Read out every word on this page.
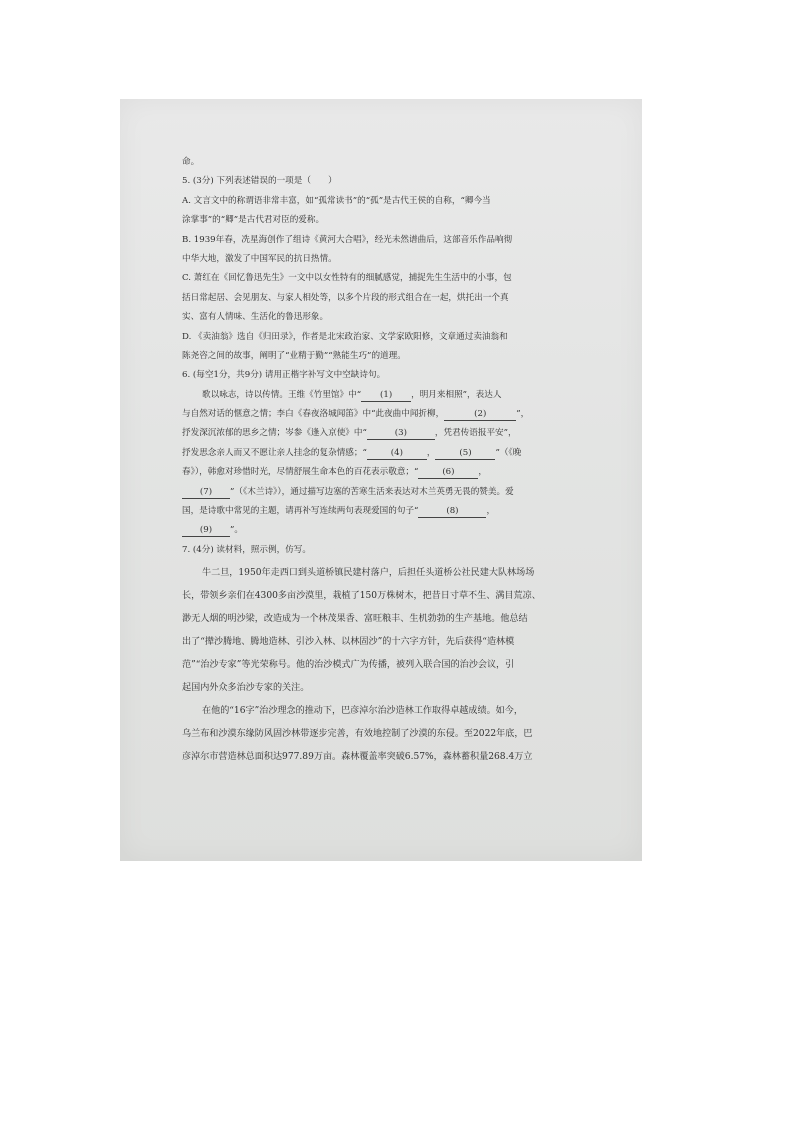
命。
5. (3分) 下列表述错误的一项是（　　）
A. 文言文中的称谓语非常丰富，如“孤常读书”的“孤”是古代王侯的自称，“卿今当
涂掌事”的“卿”是古代君对臣的爱称。
B. 1939年春，冼星海创作了组诗《黄河大合唱》，经光未然谱曲后，这部音乐作品响彻
中华大地，激发了中国军民的抗日热情。
C. 萧红在《回忆鲁迅先生》一文中以女性特有的细腻感觉，捕捉先生生活中的小事，包
括日常起居、会见朋友、与家人相处等，以多个片段的形式组合在一起，烘托出一个真
实、富有人情味、生活化的鲁迅形象。
D. 《卖油翁》选自《归田录》，作者是北宋政治家、文学家欧阳修，文章通过卖油翁和
陈尧咨之间的故事，阐明了“业精于勤”“熟能生巧”的道理。
6. (每空1分，共9分) 请用正楷字补写文中空缺诗句。
歌以咏志，诗以传情。王维《竹里馆》中“ (1) ，明月来相照”，表达人
与自然对话的惬意之情；李白《春夜洛城闻笛》中“此夜曲中闻折柳，	(2)	”，
抒发深沉浓郁的思乡之情；岑参《逢入京使》中“	(3)	，凭君传语报平安”，
抒发思念亲人而又不愿让亲人挂念的复杂情感；“	(4)	，	(5)	”（《晚
春》），韩愈对珍惜时光，尽情舒展生命本色的百花表示敬意；“	(6)	，
(7) ”（《木兰诗》），通过描写边塞的苦寒生活来表达对木兰英勇无畏的赞美。爱
国，是诗歌中常见的主题，请再补写连续两句表现爱国的句子“	(8)	，
(9) ”。
7. (4分) 读材料，照示例，仿写。
牛二旦，1950年走西口到头道桥镇民建村落户，后担任头道桥公社民建大队林场场
长，带领乡亲们在4300多亩沙漠里，栽植了150万株树木，把昔日寸草不生、满目荒凉、
渺无人烟的明沙梁，改造成为一个林茂果香、富旺粮丰、生机勃勃的生产基地。他总结
出了“撵沙腾地、腾地造林、引沙入林、以林固沙”的十六字方针，先后获得“造林模
范”“治沙专家”等光荣称号。他的治沙模式广为传播，被列入联合国的治沙会议，引
起国内外众多治沙专家的关注。
在他的“16字”治沙理念的推动下，巴彦淖尔治沙造林工作取得卓越成绩。如今，
乌兰布和沙漠东缘防风固沙林带逐步完善，有效地控制了沙漠的东侵。至2022年底，巴
彦淖尔市营造林总面积达977.89万亩。森林覆盖率突破6.57%，森林蓄积量268.4万立
